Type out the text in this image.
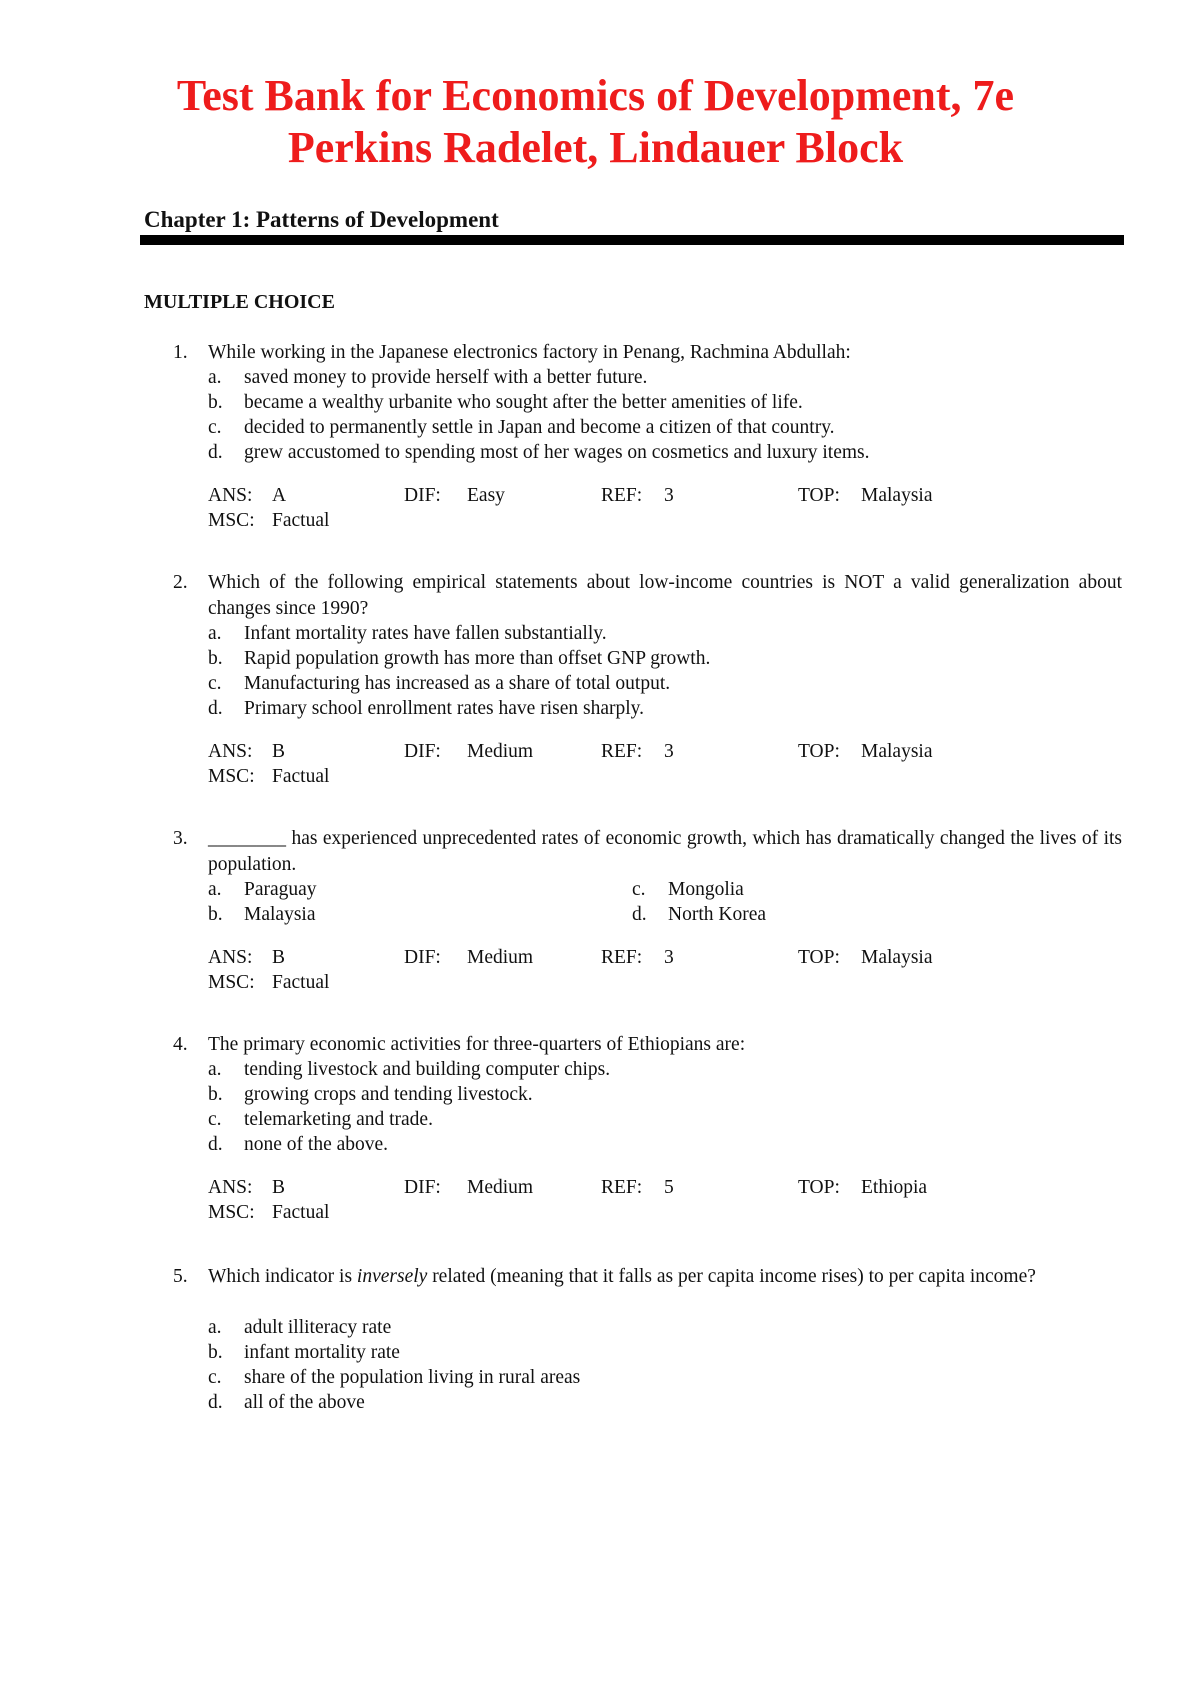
Test Bank for Economics of Development, 7e
Perkins Radelet, Lindauer Block
Chapter 1: Patterns of Development
MULTIPLE CHOICE
1. While working in the Japanese electronics factory in Penang, Rachmina Abdullah:
a. saved money to provide herself with a better future.
b. became a wealthy urbanite who sought after the better amenities of life.
c. decided to permanently settle in Japan and become a citizen of that country.
d. grew accustomed to spending most of her wages on cosmetics and luxury items.
ANS: A	DIF: Easy	REF: 3	TOP: Malaysia
MSC: Factual
2. Which of the following empirical statements about low-income countries is NOT a valid generalization about changes since 1990?
a. Infant mortality rates have fallen substantially.
b. Rapid population growth has more than offset GNP growth.
c. Manufacturing has increased as a share of total output.
d. Primary school enrollment rates have risen sharply.
ANS: B	DIF: Medium	REF: 3	TOP: Malaysia
MSC: Factual
3. ________ has experienced unprecedented rates of economic growth, which has dramatically changed the lives of its population.
a. Paraguay
b. Malaysia
c. Mongolia
d. North Korea
ANS: B	DIF: Medium	REF: 3	TOP: Malaysia
MSC: Factual
4. The primary economic activities for three-quarters of Ethiopians are:
a. tending livestock and building computer chips.
b. growing crops and tending livestock.
c. telemarketing and trade.
d. none of the above.
ANS: B	DIF: Medium	REF: 5	TOP: Ethiopia
MSC: Factual
5. Which indicator is inversely related (meaning that it falls as per capita income rises) to per capita income?
a. adult illiteracy rate
b. infant mortality rate
c. share of the population living in rural areas
d. all of the above
